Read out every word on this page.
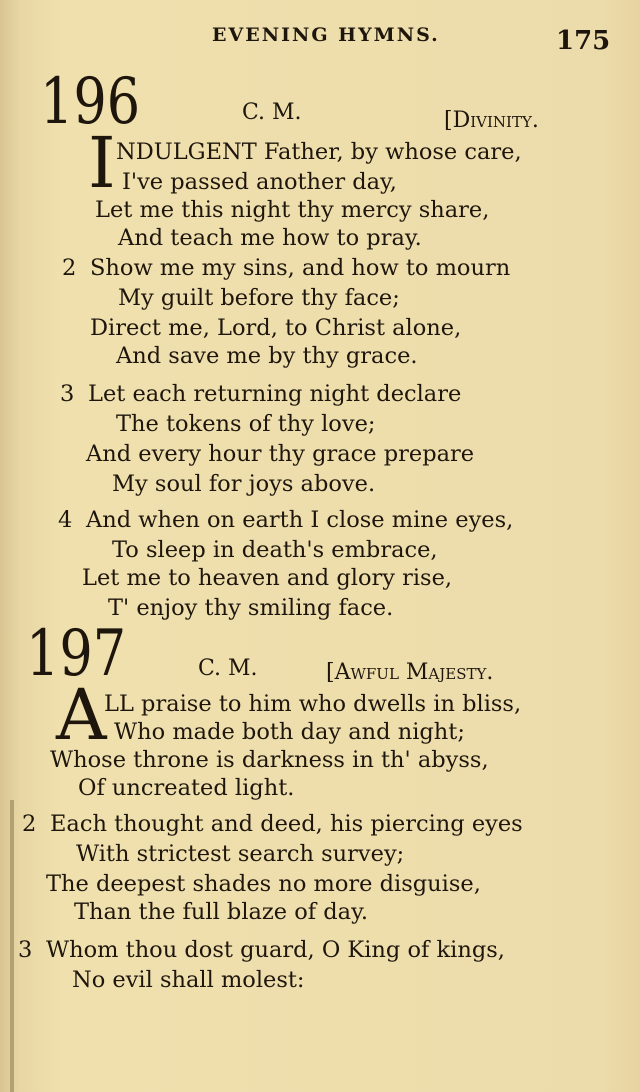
EVENING HYMNS.	175
196	C. M.	[Divinity.
I NDULGENT Father, by whose care,
I've passed another day,
Let me this night thy mercy share,
And teach me how to pray.
2 Show me my sins, and how to mourn
My guilt before thy face;
Direct me, Lord, to Christ alone,
And save me by thy grace.
3 Let each returning night declare
The tokens of thy love;
And every hour thy grace prepare
My soul for joys above.
4 And when on earth I close mine eyes,
To sleep in death's embrace,
Let me to heaven and glory rise,
T' enjoy thy smiling face.
197	C. M.	[Awful Majesty.
A
LL praise to him who dwells in bliss,
Who made both day and night;
Whose throne is darkness in th' abyss,
Of uncreated light.
2 Each thought and deed, his piercing eyes
With strictest search survey;
The deepest shades no more disguise,
Than the full blaze of day.
3 Whom thou dost guard, O King of kings,
No evil shall molest:
